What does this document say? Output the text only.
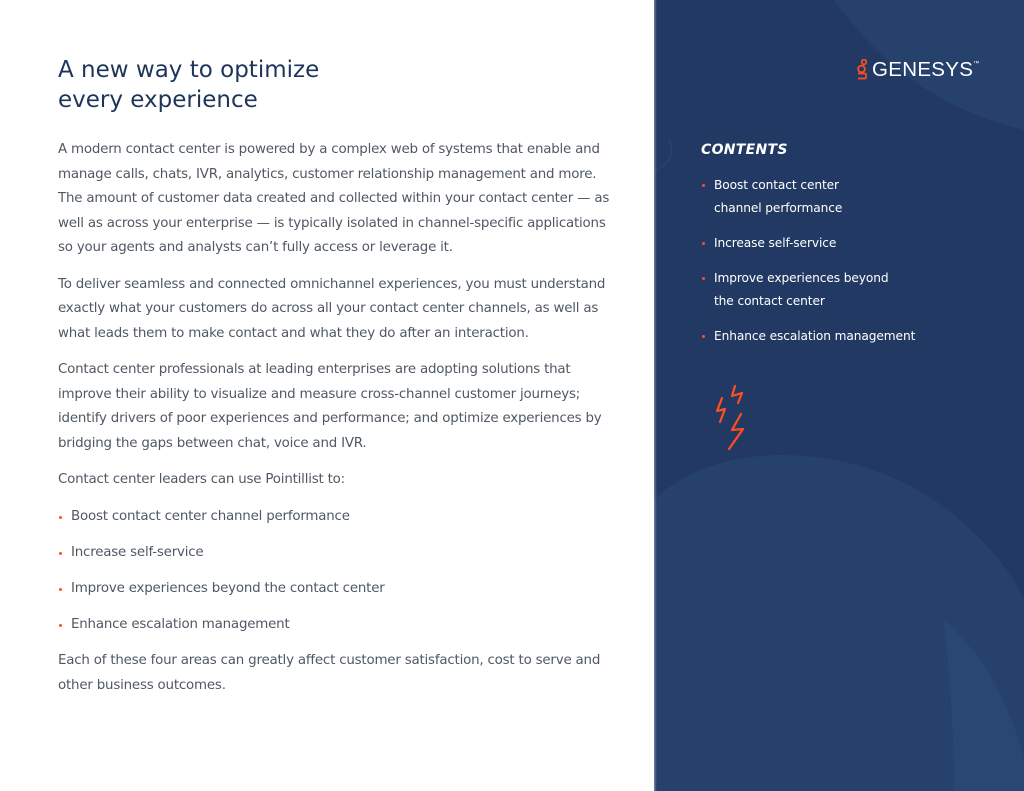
A new way to optimize
every experience

A modern contact center is powered by a complex web of systems that enable and manage calls, chats, IVR, analytics, customer relationship management and more. The amount of customer data created and collected within your contact center — as well as across your enterprise — is typically isolated in channel-specific applications so your agents and analysts can’t fully access or leverage it.

To deliver seamless and connected omnichannel experiences, you must understand exactly what your customers do across all your contact center channels, as well as what leads them to make contact and what they do after an interaction.

Contact center professionals at leading enterprises are adopting solutions that improve their ability to visualize and measure cross-channel customer journeys; identify drivers of poor experiences and performance; and optimize experiences by bridging the gaps between chat, voice and IVR.

Contact center leaders can use Pointillist to:

Boost contact center channel performance
Increase self-service
Improve experiences beyond the contact center
Enhance escalation management

Each of these four areas can greatly affect customer satisfaction, cost to serve and other business outcomes.

GENESYS ™
CONTENTS
Boost contact center
channel performance
Increase self-service
Improve experiences beyond
the contact center
Enhance escalation management
